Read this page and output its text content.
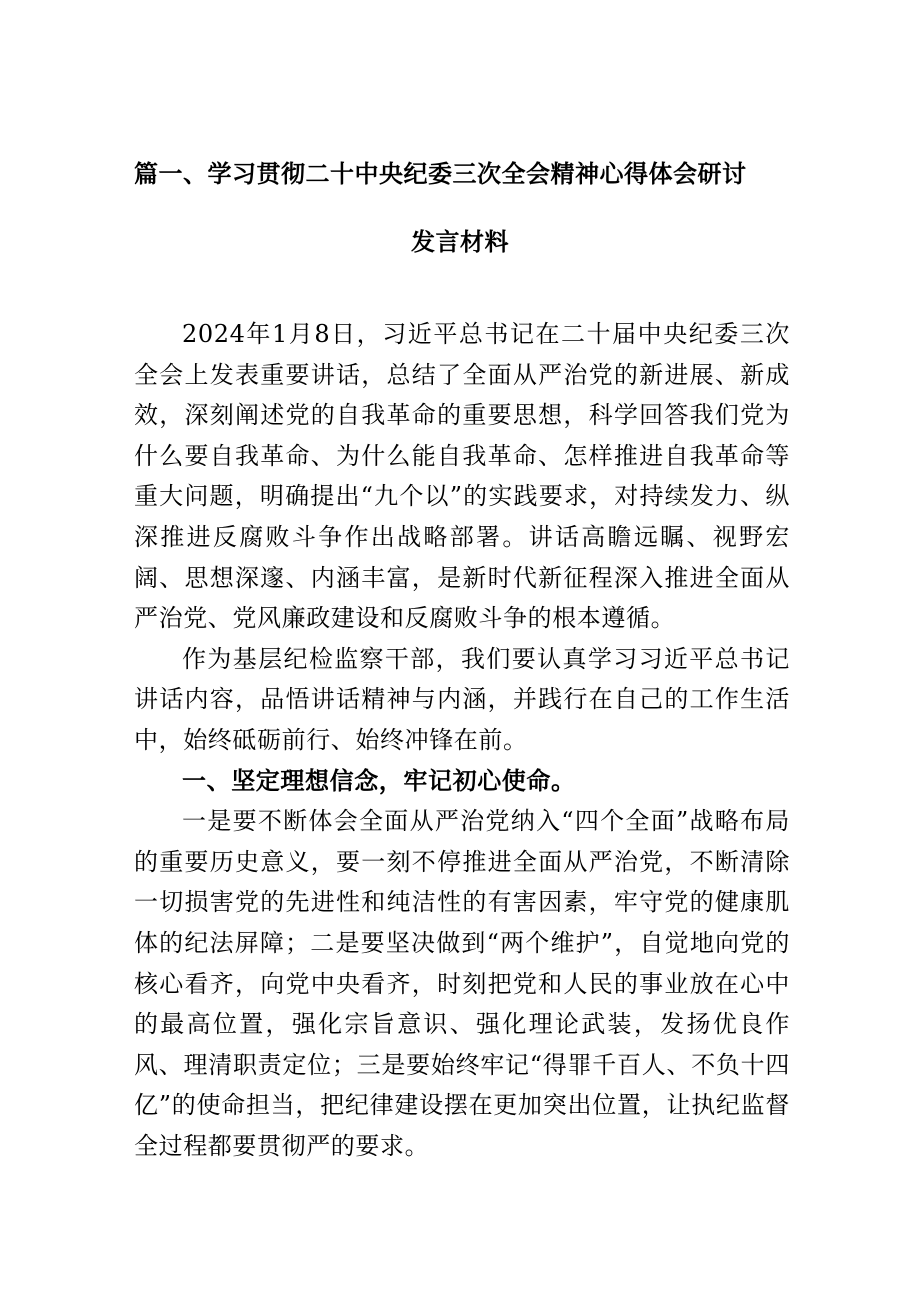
篇一、学习贯彻二十中央纪委三次全会精神心得体会研讨
发言材料

2024年1月8日，习近平总书记在二十届中央纪委三次全会上发表重要讲话，总结了全面从严治党的新进展、新成效，深刻阐述党的自我革命的重要思想，科学回答我们党为什么要自我革命、为什么能自我革命、怎样推进自我革命等重大问题，明确提出“九个以”的实践要求，对持续发力、纵深推进反腐败斗争作出战略部署。讲话高瞻远瞩、视野宏阔、思想深邃、内涵丰富，是新时代新征程深入推进全面从严治党、党风廉政建设和反腐败斗争的根本遵循。

作为基层纪检监察干部，我们要认真学习习近平总书记讲话内容，品悟讲话精神与内涵，并践行在自己的工作生活中，始终砥砺前行、始终冲锋在前。

一、坚定理想信念，牢记初心使命。

一是要不断体会全面从严治党纳入“四个全面”战略布局的重要历史意义，要一刻不停推进全面从严治党，不断清除一切损害党的先进性和纯洁性的有害因素，牢守党的健康肌体的纪法屏障；二是要坚决做到“两个维护”，自觉地向党的核心看齐，向党中央看齐，时刻把党和人民的事业放在心中的最高位置，强化宗旨意识、强化理论武装，发扬优良作风、理清职责定位；三是要始终牢记“得罪千百人、不负十四亿”的使命担当，把纪律建设摆在更加突出位置，让执纪监督全过程都要贯彻严的要求。
